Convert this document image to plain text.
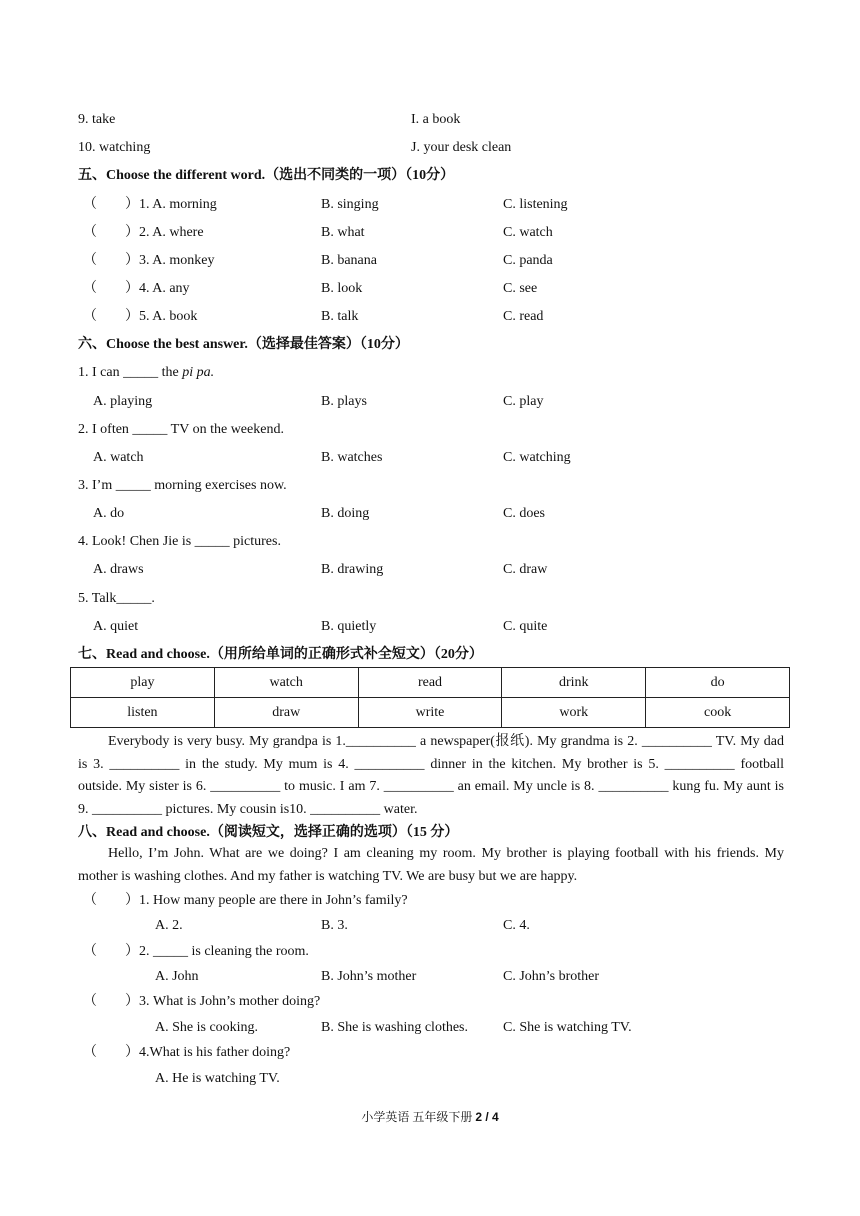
9. take	I. a book
10. watching	J. your desk clean
五、Choose the different word.（选出不同类的一项）（10分）
（　　） 1. A. morning	B. singing	C. listening
（　　） 2. A. where	B. what	C. watch
（　　） 3. A. monkey	B. banana	C. panda
（　　） 4. A. any	B. look	C. see
（　　） 5. A. book	B. talk	C. read
六、Choose the best answer.（选择最佳答案）（10分）
1. I can _____ the pi pa.
A. playing	B. plays	C. play
2. I often _____ TV on the weekend.
A. watch	B. watches	C. watching
3. I’m _____ morning exercises now.
A. do	B. doing	C. does
4. Look! Chen Jie is _____ pictures.
A. draws	B. drawing	C. draw
5. Talk_____.
A. quiet	B. quietly	C. quite
七、Read and choose.（用所给单词的正确形式补全短文）（20分）
play	watch	read	drink	do
listen	draw	write	work	cook
Everybody is very busy. My grandpa is 1.__________ a newspaper(报纸). My grandma is 2. __________ TV. My dad is 3. __________ in the study. My mum is 4. __________ dinner in the kitchen. My brother is 5. __________ football outside. My sister is 6. __________ to music. I am 7. __________ an email. My uncle is 8. __________ kung fu. My aunt is 9. __________ pictures. My cousin is10. __________ water.
八、Read and choose.（阅读短文，选择正确的选项）（15 分）
Hello, I’m John. What are we doing? I am cleaning my room. My brother is playing football with his friends. My mother is washing clothes. And my father is watching TV. We are busy but we are happy.
（　　）1. How many people are there in John’s family?
A. 2.	B. 3.	C. 4.
（　　）2. _____ is cleaning the room.
A. John	B. John’s mother	C. John’s brother
（　　）3. What is John’s mother doing?
A. She is cooking.	B. She is washing clothes.	C. She is watching TV.
（　　）4.What is his father doing?
A. He is watching TV.
小学英语 五年级下册 2 / 4
